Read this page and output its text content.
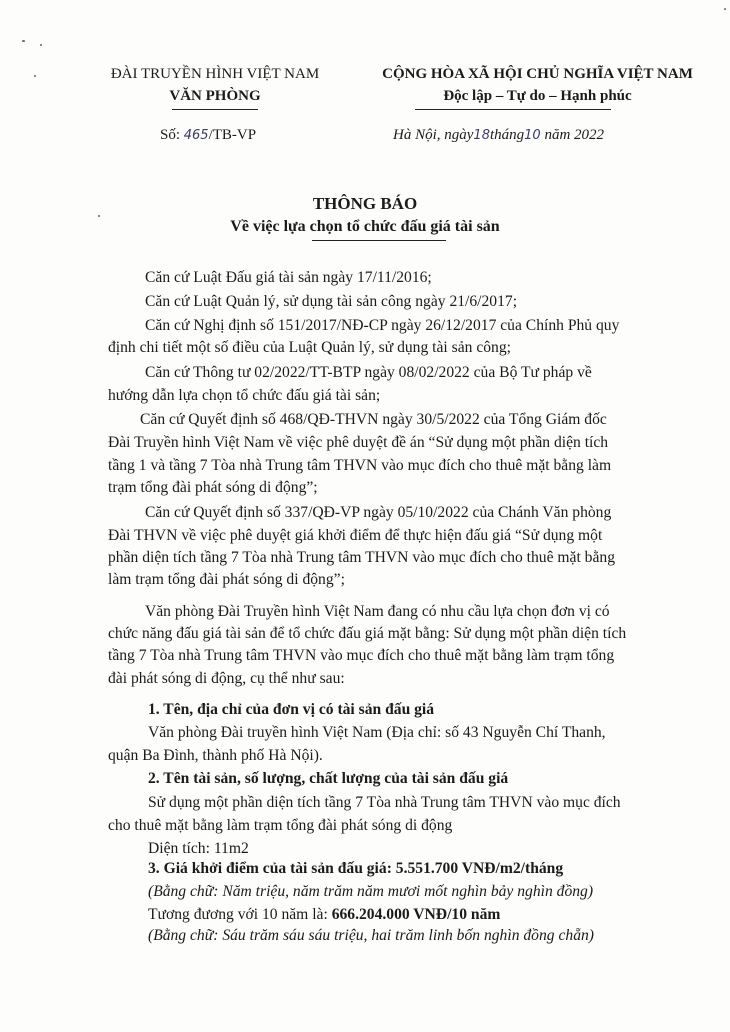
ĐÀI TRUYỀN HÌNH VIỆT NAM
VĂN PHÒNG
Số: 465/TB-VP
CỘNG HÒA XÃ HỘI CHỦ NGHĨA VIỆT NAM
Độc lập – Tự do – Hạnh phúc
Hà Nội, ngày18tháng10 năm 2022
THÔNG BÁO
Về việc lựa chọn tổ chức đấu giá tài sản
Căn cứ Luật Đấu giá tài sản ngày 17/11/2016;
Căn cứ Luật Quản lý, sử dụng tài sản công ngày 21/6/2017;
Căn cứ Nghị định số 151/2017/NĐ-CP ngày 26/12/2017 của Chính Phủ quy
định chi tiết một số điều của Luật Quản lý, sử dụng tài sản công;
Căn cứ Thông tư 02/2022/TT-BTP ngày 08/02/2022 của Bộ Tư pháp về
hướng dẫn lựa chọn tổ chức đấu giá tài sản;
Căn cứ Quyết định số 468/QĐ-THVN ngày 30/5/2022 của Tổng Giám đốc
Đài Truyền hình Việt Nam về việc phê duyệt đề án “Sử dụng một phần diện tích
tầng 1 và tầng 7 Tòa nhà Trung tâm THVN vào mục đích cho thuê mặt bằng làm
trạm tổng đài phát sóng di động”;
Căn cứ Quyết định số 337/QĐ-VP ngày 05/10/2022 của Chánh Văn phòng
Đài THVN về việc phê duyệt giá khởi điểm để thực hiện đấu giá “Sử dụng một
phần diện tích tầng 7 Tòa nhà Trung tâm THVN vào mục đích cho thuê mặt bằng
làm trạm tổng đài phát sóng di động”;
Văn phòng Đài Truyền hình Việt Nam đang có nhu cầu lựa chọn đơn vị có
chức năng đấu giá tài sản để tổ chức đấu giá mặt bằng: Sử dụng một phần diện tích
tầng 7 Tòa nhà Trung tâm THVN vào mục đích cho thuê mặt bằng làm trạm tổng
đài phát sóng di động, cụ thể như sau:
1. Tên, địa chỉ của đơn vị có tài sản đấu giá
Văn phòng Đài truyền hình Việt Nam (Địa chỉ: số 43 Nguyễn Chí Thanh,
quận Ba Đình, thành phố Hà Nội).
2. Tên tài sản, số lượng, chất lượng của tài sản đấu giá
Sử dụng một phần diện tích tầng 7 Tòa nhà Trung tâm THVN vào mục đích
cho thuê mặt bằng làm trạm tổng đài phát sóng di động
Diện tích: 11m2
3. Giá khởi điểm của tài sản đấu giá: 5.551.700 VNĐ/m2/tháng
(Bằng chữ: Năm triệu, năm trăm năm mươi mốt nghìn bảy nghìn đồng)
Tương đương với 10 năm là: 666.204.000 VNĐ/10 năm
(Bằng chữ: Sáu trăm sáu sáu triệu, hai trăm linh bốn nghìn đồng chẵn)
